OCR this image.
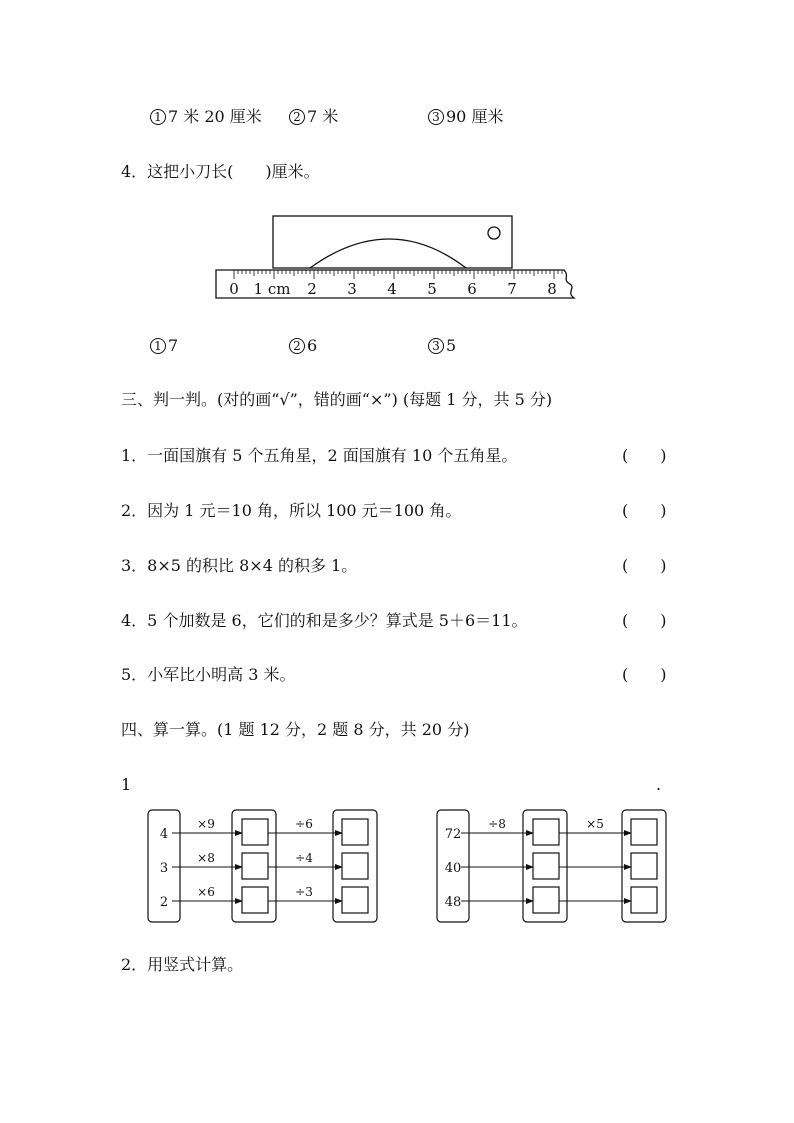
1 7 米 20 厘米	2 7 米	3 90 厘米
4．这把小刀长(　　)厘米。
0 1 cm 2 3 4 5 6 7 8
1 7	2 6	3 5
三、判一判。(对的画“√”，错的画“×”) (每题 1 分，共 5 分)
1．一面国旗有 5 个五角星，2 面国旗有 10 个五角星。	(　　)
2．因为 1 元＝10 角，所以 100 元＝100 角。	(　　)
3．8×5 的积比 8×4 的积多 1。	(　　)
4．5 个加数是 6，它们的和是多少？算式是 5＋6＝11。	(　　)
5．小军比小明高 3 米。	(　　)
四、算一算。(1 题 12 分，2 题 8 分，共 20 分)
1	.
4
3
2
×9
×8
×6
÷6
÷4
÷3
72
40
48
÷8	×5
2．用竖式计算。
